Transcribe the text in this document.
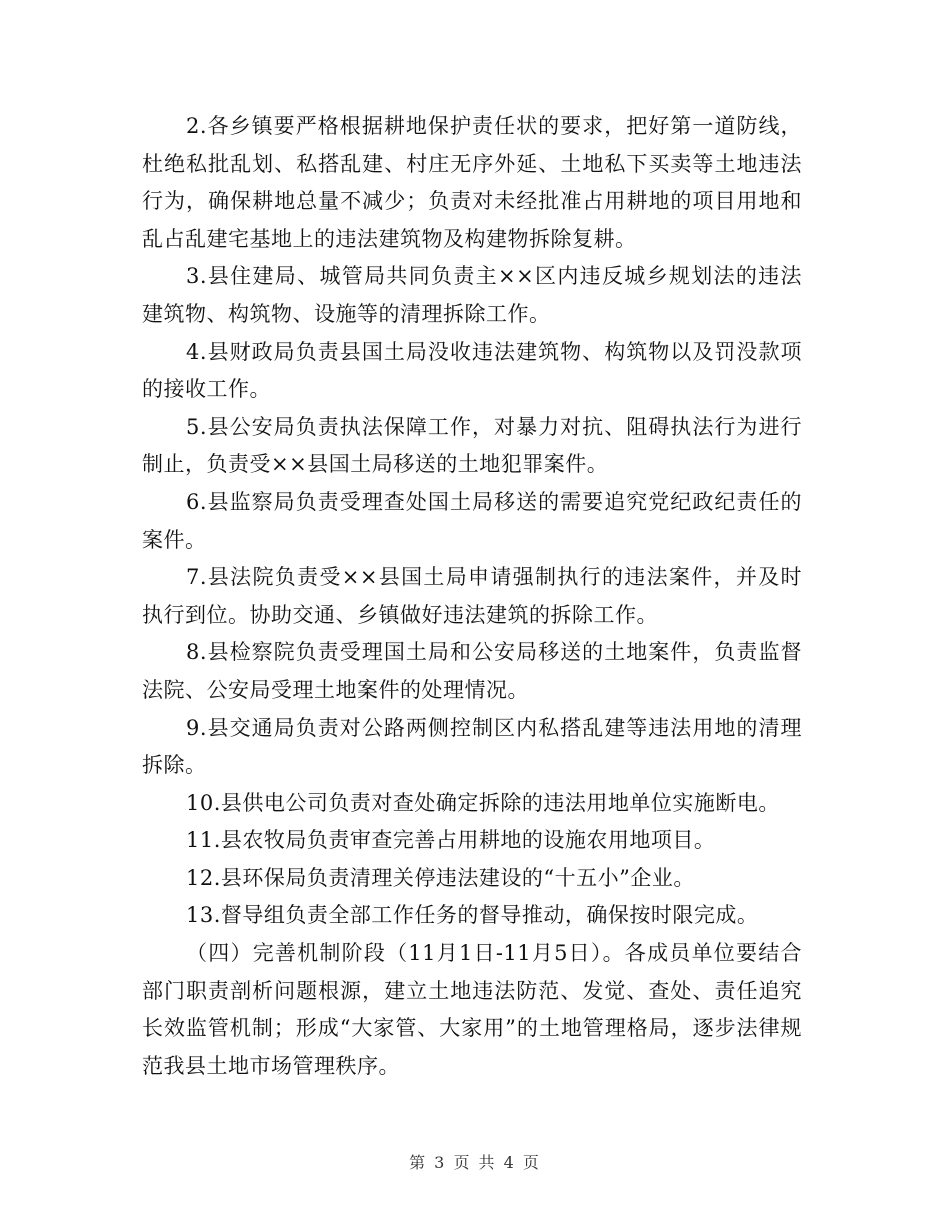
2.各乡镇要严格根据耕地保护责任状的要求，把好第一道防线，杜绝私批乱划、私搭乱建、村庄无序外延、土地私下买卖等土地违法行为，确保耕地总量不减少；负责对未经批准占用耕地的项目用地和乱占乱建宅基地上的违法建筑物及构建物拆除复耕。

3.县住建局、城管局共同负责主××区内违反城乡规划法的违法建筑物、构筑物、设施等的清理拆除工作。

4.县财政局负责县国土局没收违法建筑物、构筑物以及罚没款项的接收工作。

5.县公安局负责执法保障工作，对暴力对抗、阻碍执法行为进行制止，负责受××县国土局移送的土地犯罪案件。

6.县监察局负责受理查处国土局移送的需要追究党纪政纪责任的案件。

7.县法院负责受××县国土局申请强制执行的违法案件，并及时执行到位。协助交通、乡镇做好违法建筑的拆除工作。

8.县检察院负责受理国土局和公安局移送的土地案件，负责监督法院、公安局受理土地案件的处理情况。

9.县交通局负责对公路两侧控制区内私搭乱建等违法用地的清理拆除。

10.县供电公司负责对查处确定拆除的违法用地单位实施断电。

11.县农牧局负责审查完善占用耕地的设施农用地项目。

12.县环保局负责清理关停违法建设的“十五小”企业。

13.督导组负责全部工作任务的督导推动，确保按时限完成。

（四）完善机制阶段（11月1日-11月5日）。各成员单位要结合部门职责剖析问题根源，建立土地违法防范、发觉、查处、责任追究长效监管机制；形成“大家管、大家用”的土地管理格局，逐步法律规范我县土地市场管理秩序。

第 3 页 共 4 页
